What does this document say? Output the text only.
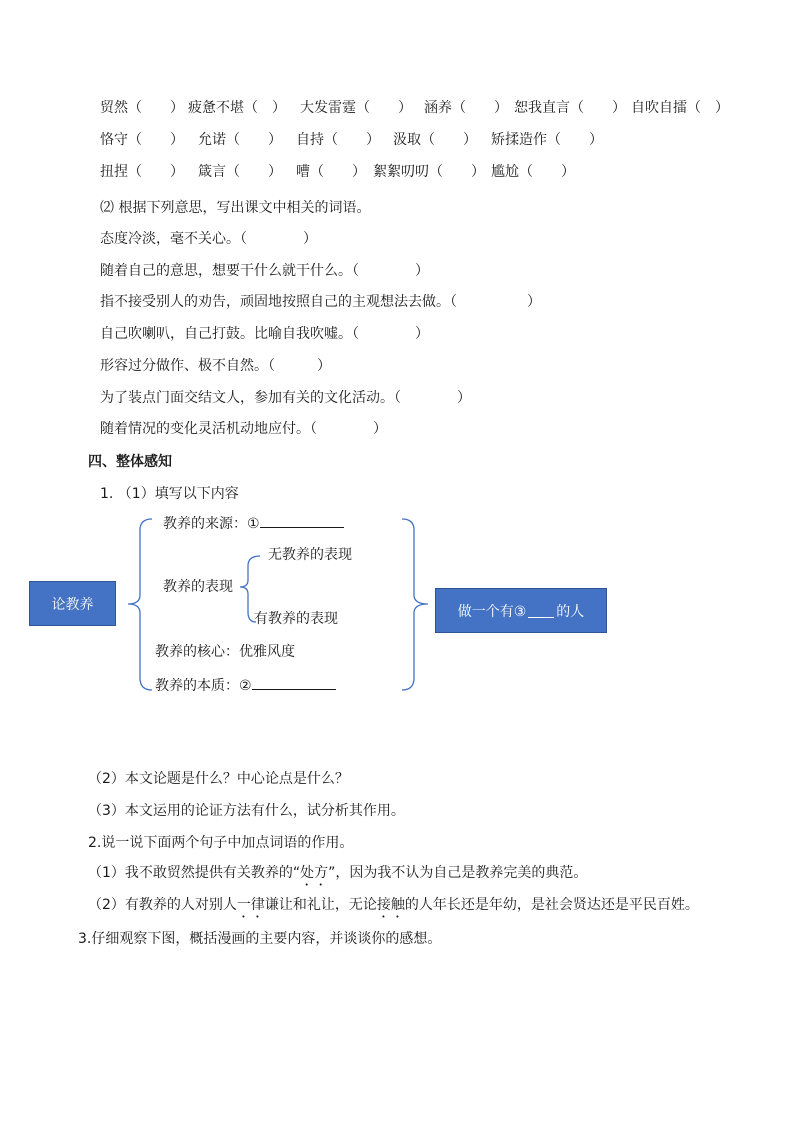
贸然（　　） 疲惫不堪（　） 大发雷霆（　　） 涵养（　　） 恕我直言（　　） 自吹自擂（　）
恪守（　　） 允诺（　　） 自持（　　） 汲取（　　） 矫揉造作（　　）
扭捏（　　） 箴言（　　） 嘈（　　） 絮絮叨叨（　　） 尴尬（　　）
⑵ 根据下列意思，写出课文中相关的词语。
态度冷淡，毫不关心。（　　　　）
随着自己的意思，想要干什么就干什么。（　　　　）
指不接受别人的劝告，顽固地按照自己的主观想法去做。（　　　　　）
自己吹喇叭，自己打鼓。比喻自我吹嘘。（　　　　）
形容过分做作、极不自然。（　　　）
为了装点门面交结文人，参加有关的文化活动。（　　　　）
随着情况的变化灵活机动地应付。（　　　　）
四、整体感知
1. （1）填写以下内容
论教养
教养的来源：①
教养的表现
无教养的表现
有教养的表现
教养的核心：优雅风度
教养的本质：②
做一个有③ 的人
（2）本文论题是什么？中心论点是什么？
（3）本文运用的论证方法有什么，试分析其作用。
2.说一说下面两个句子中加点词语的作用。
（1）我不敢贸然提供有关教养的“处方”，因为我不认为自己是教养完美的典范。
（2）有教养的人对别人一律谦让和礼让，无论接触的人年长还是年幼，是社会贤达还是平民百姓。
3.仔细观察下图，概括漫画的主要内容，并谈谈你的感想。
